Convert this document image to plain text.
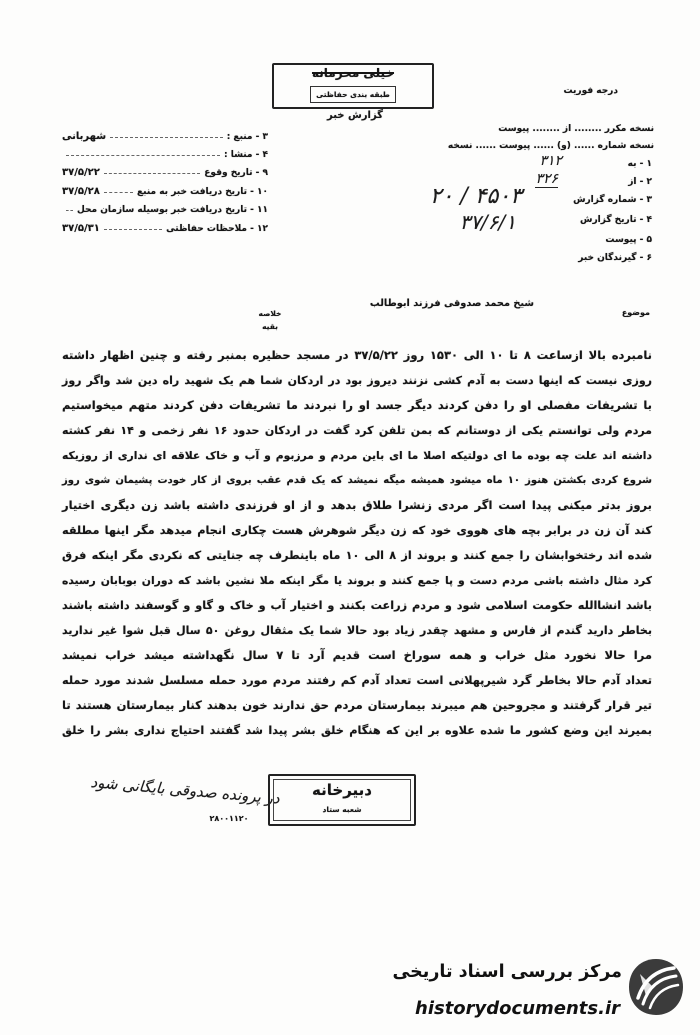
خیلی محرمانه
طبقه بندی حفاظتی
گزارش خبر
درجه فوریت
۳ - منبع :
شهربانی
۴ - منشا :
۹ - تاریخ وقوع
۳۷/۵/۲۲
۱۰ - تاریخ دریافت خبر به منبع
۳۷/۵/۲۸
۱۱ - تاریخ دریافت خبر بوسیله سازمان محل
۱۲ - ملاحظات حفاظتی
۳۷/۵/۳۱
نسخه مکرر ........ از ........ پیوست
نسخه شماره ...... (و) ...... پیوست ...... نسخه
۱ - به
۳۱۲
۲ - از
۳۲۶
۳ - شماره گزارش
۴۵۰۳ / ۲۰
۴ - تاریخ گزارش
۳۷/۶/۱
۵ - پیوست
۶ - گیرندگان خبر
موضوع
شیخ محمد صدوقی فرزند ابوطالب
خلاصه
بقیه
نامبرده بالا ازساعت ۸ تا ۱۰ الی ۱۵۳۰ روز ۳۷/۵/۲۲ در مسجد حظیره بمنبر رفته و چنین اظهار داشته
روزی نیست که اینها دست به آدم کشی نزنند دیروز بود در اردکان شما هم یک شهید راه دین شد واگر روز
با تشریفات مفصلی او را دفن کردند دیگر جسد او را نبردند ما تشریفات دفن کردند متهم میخواستیم
مردم ولی توانستم یکی از دوستانم که بمن تلفن کرد گفت در اردکان حدود ۱۶ نفر زخمی و ۱۴ نفر کشته
داشته اند علت چه بوده ما ای دولتیکه اصلا ما ای باین مردم و مرزبوم و آب و خاک علاقه ای نداری از روزیکه
شروع کردی بکشتن هنوز ۱۰ ماه میشود همیشه میگه نمیشد که یک قدم عقب بروی از کار خودت پشیمان شوی روز
بروز بدتر میکنی پیدا است اگر مردی زنشرا طلاق بدهد و از او فرزندی داشته باشد زن دیگری اختیار
کند آن زن در برابر بچه های هووی خود که زن دیگر شوهرش هست چکاری انجام میدهد مگر اینها مطلقه
شده اند رختخوابشان را جمع کنند و بروند از ۸ الی ۱۰ ماه باینطرف چه جنایتی که نکردی مگر اینکه فرق
کرد مثال داشته باشی مردم دست و پا جمع کنند و بروند یا مگر اینکه ملا نشین باشد که دوران بوبابان رسیده
باشد انشاالله حکومت اسلامی شود و مردم زراعت بکنند و اختیار آب و خاک و گاو و گوسفند داشته باشند
بخاطر دارید گندم از فارس و مشهد چقدر زیاد بود حالا شما یک مثقال روغن ۵۰ سال قبل شوا غیر ندارید
مرا حالا نخورد مثل خراب و همه سوراخ است قدیم آرد تا ۷ سال نگهداشته میشد خراب نمیشد
تعداد آدم حالا بخاطر گرد شیرپهلانی است تعداد آدم کم رفتند مردم مورد حمله مسلسل شدند مورد حمله
تیر قرار گرفتند و مجروحین هم میبرند بیمارستان مردم حق ندارند خون بدهند کنار بیمارستان هستند تا
بمیرند این وضع کشور ما شده علاوه بر این که هنگام خلق بشر پیدا شد گفتند احتیاج نداری بشر را خلق
در پرونده صدوقی بایگانی شود	دبیرخانه
شعبه ستاد
۲۸۰۰۱۱۲۰
مرکز بررسی اسناد تاریخی
historydocuments.ir
